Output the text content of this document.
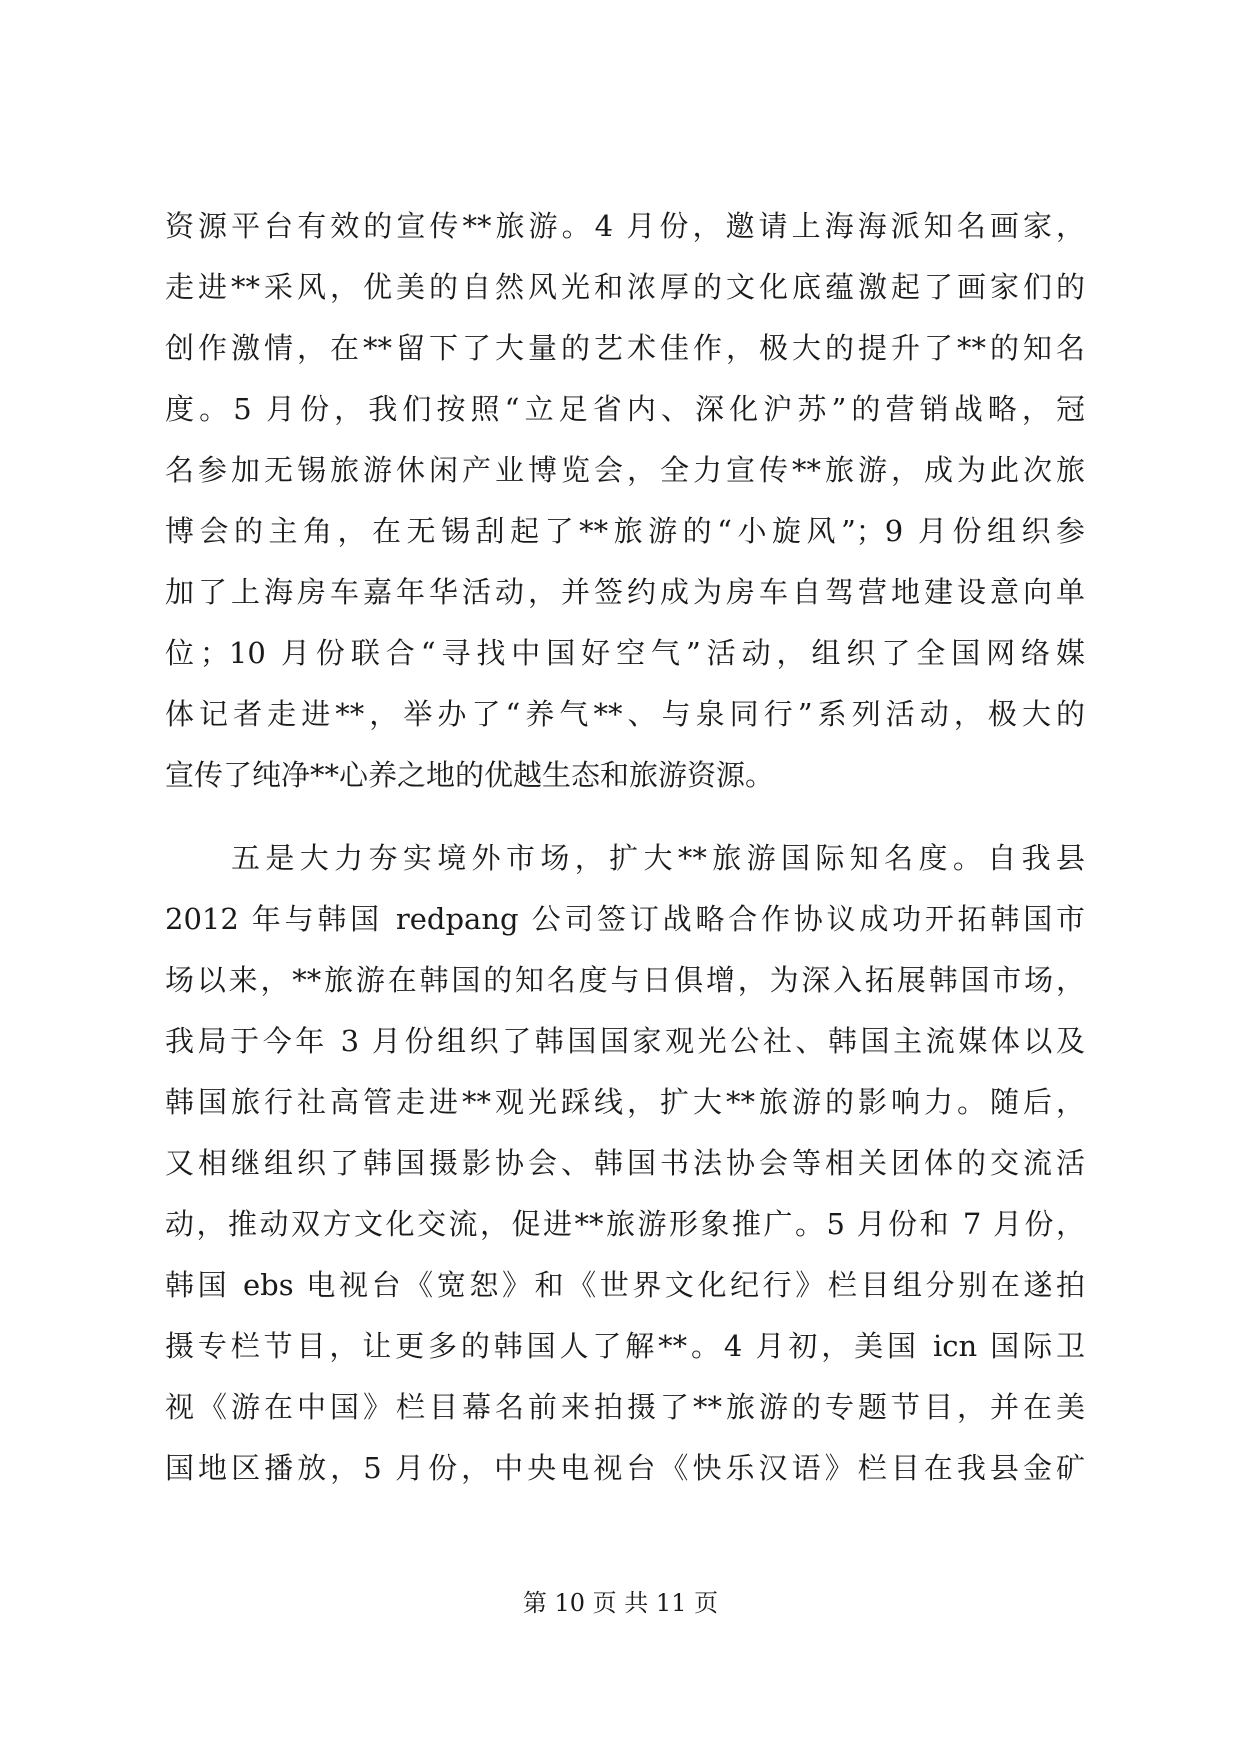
资源平台有效的宣传**旅游。4 月份，邀请上海海派知名画家，
走进**采风，优美的自然风光和浓厚的文化底蕴激起了画家们的
创作激情，在**留下了大量的艺术佳作，极大的提升了**的知名
度。5 月份，我们按照“立足省内、深化沪苏”的营销战略，冠
名参加无锡旅游休闲产业博览会，全力宣传**旅游，成为此次旅
博会的主角，在无锡刮起了**旅游的“小旋风”；9 月份组织参
加了上海房车嘉年华活动，并签约成为房车自驾营地建设意向单
位；10 月份联合“寻找中国好空气”活动，组织了全国网络媒
体记者走进**，举办了“养气**、与泉同行”系列活动，极大的
宣传了纯净**心养之地的优越生态和旅游资源。
五是大力夯实境外市场，扩大**旅游国际知名度。自我县
2012 年与韩国 redpang 公司签订战略合作协议成功开拓韩国市
场以来，**旅游在韩国的知名度与日俱增，为深入拓展韩国市场，
我局于今年 3 月份组织了韩国国家观光公社、韩国主流媒体以及
韩国旅行社高管走进**观光踩线，扩大**旅游的影响力。随后，
又相继组织了韩国摄影协会、韩国书法协会等相关团体的交流活
动，推动双方文化交流，促进**旅游形象推广。5 月份和 7 月份，
韩国 ebs 电视台《宽恕》和《世界文化纪行》栏目组分别在遂拍
摄专栏节目，让更多的韩国人了解**。4 月初，美国 icn 国际卫
视《游在中国》栏目幕名前来拍摄了**旅游的专题节目，并在美
国地区播放，5 月份，中央电视台《快乐汉语》栏目在我县金矿
第 10 页 共 11 页
